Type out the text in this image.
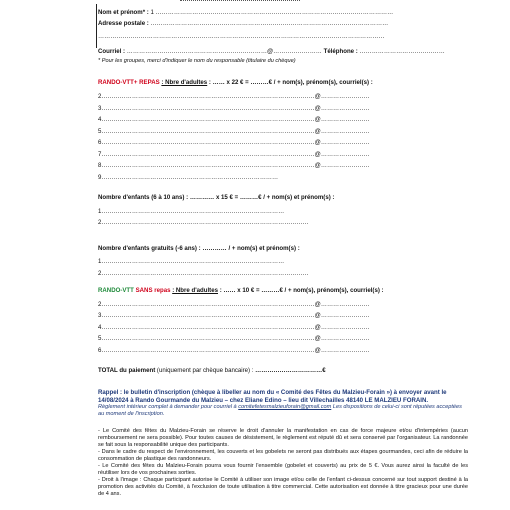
Nom et prénom* : 1 ………………………………………………………………………………………………………
Adresse postale : ………………………………………………………………………………………………………
……………………………………………………………………………………………………………………………
Courriel : ……………………………………………………………@…………………… Téléphone : ……………………………………
* Pour les groupes, merci d'indiquer le nom du responsable (titulaire du chèque)
RANDO-VTT+ REPAS : Nbre d'adultes : …… x 22 € = ………€ / + nom(s), prénom(s), courriel(s) :
2……………………………………………………………………………………………@……………………
3……………………………………………………………………………………………@……………………
4……………………………………………………………………………………………@……………………
5……………………………………………………………………………………………@……………………
6……………………………………………………………………………………………@……………………
7……………………………………………………………………………………………@……………………
8……………………………………………………………………………………………@……………………
9……………………………………………………………………………
Nombre d'enfants (6 à 10 ans) : ………… x 15 € = ………€ / + nom(s) et prénom(s) :
1………………………………………………………………………………
2…………………………………………………………………………………………
Nombre d'enfants gratuits (-6 ans) : ………… / + nom(s) et prénom(s) :
1………………………………………………………………………………
2…………………………………………………………………………………………
RANDO-VTT SANS repas : Nbre d'adultes : …… x 10 € = ………€ / + nom(s), prénom(s), courriel(s) :
2……………………………………………………………………………………………@……………………
3……………………………………………………………………………………………@……………………
4……………………………………………………………………………………………@……………………
5……………………………………………………………………………………………@……………………
6……………………………………………………………………………………………@……………………
TOTAL du paiement (uniquement par chèque bancaire) : ……………………………€
Rappel : le bulletin d'inscription (chèque à libeller au nom du « Comité des Fêtes du Malzieu-Forain ») à envoyer avant le 14/08/2024 à Rando Gourmande du Malzieu – chez Eliane Edino – lieu dit Villechailles 48140 LE MALZIEU FORAIN.
Règlement intérieur complet à demander pour courriel à comitefetesmalzieuforain@gmail.com Les dispositions de celui-ci sont réputées acceptées au moment de l'inscription.

- Le Comité des fêtes du Malzieu-Forain se réserve le droit d'annuler la manifestation en cas de force majeure et/ou d'intempéries (aucun remboursement ne sera possible). Pour toutes causes de désistement, le règlement est réputé dû et sera conservé par l'organisateur. La randonnée se fait sous la responsabilité unique des participants.

- Dans le cadre du respect de l'environnement, les couverts et les gobelets ne seront pas distribués aux étapes gourmandes, ceci afin de réduire la consommation de plastique des randonneurs.

- Le Comité des fêtes du Malzieu-Forain pourra vous fournir l'ensemble (gobelet et couverts) au prix de 5 €. Vous aurez ainsi la faculté de les réutiliser lors de vos prochaines sorties.

- Droit à l'image : Chaque participant autorise le Comité à utiliser son image et/ou celle de l'enfant ci-dessus concerné sur tout support destiné à la promotion des activités du Comité, à l'exclusion de toute utilisation à titre commercial. Cette autorisation est donnée à titre gracieux pour une durée de 4 ans.
